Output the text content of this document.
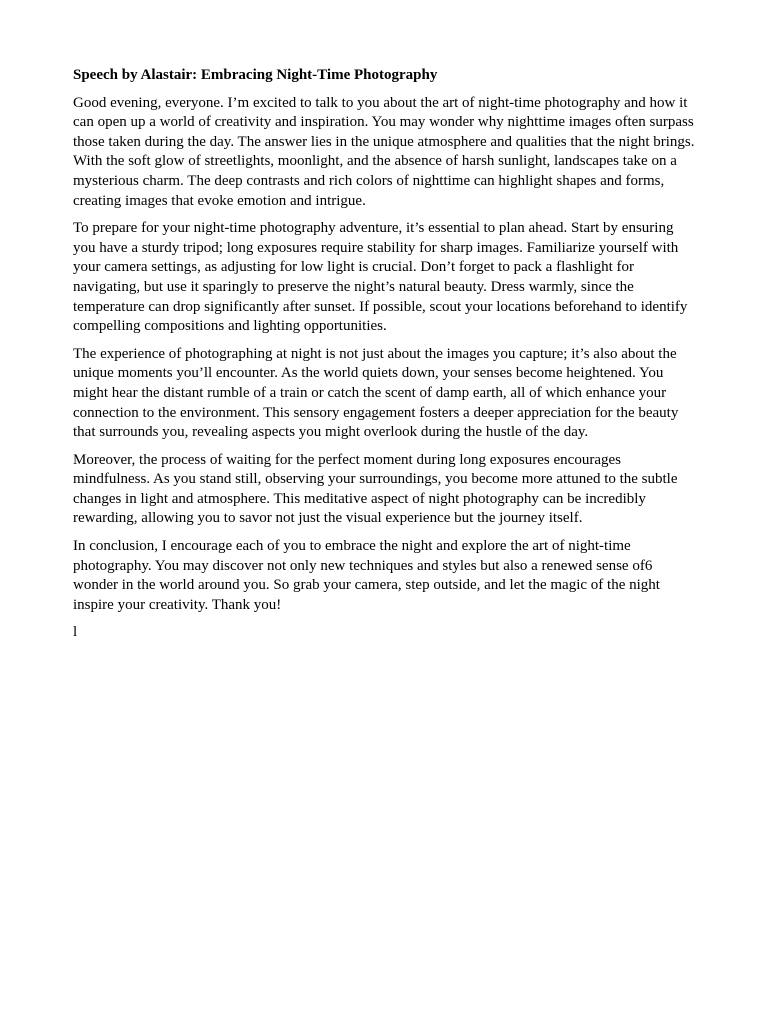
Speech by Alastair: Embracing Night-Time Photography

Good evening, everyone. I’m excited to talk to you about the art of night-time photography and how it can open up a world of creativity and inspiration. You may wonder why nighttime images often surpass those taken during the day. The answer lies in the unique atmosphere and qualities that the night brings. With the soft glow of streetlights, moonlight, and the absence of harsh sunlight, landscapes take on a mysterious charm. The deep contrasts and rich colors of nighttime can highlight shapes and forms, creating images that evoke emotion and intrigue.

To prepare for your night-time photography adventure, it’s essential to plan ahead. Start by ensuring you have a sturdy tripod; long exposures require stability for sharp images. Familiarize yourself with your camera settings, as adjusting for low light is crucial. Don’t forget to pack a flashlight for navigating, but use it sparingly to preserve the night’s natural beauty. Dress warmly, since the temperature can drop significantly after sunset. If possible, scout your locations beforehand to identify compelling compositions and lighting opportunities.

The experience of photographing at night is not just about the images you capture; it’s also about the unique moments you’ll encounter. As the world quiets down, your senses become heightened. You might hear the distant rumble of a train or catch the scent of damp earth, all of which enhance your connection to the environment. This sensory engagement fosters a deeper appreciation for the beauty that surrounds you, revealing aspects you might overlook during the hustle of the day.

Moreover, the process of waiting for the perfect moment during long exposures encourages mindfulness. As you stand still, observing your surroundings, you become more attuned to the subtle changes in light and atmosphere. This meditative aspect of night photography can be incredibly rewarding, allowing you to savor not just the visual experience but the journey itself.

In conclusion, I encourage each of you to embrace the night and explore the art of night-time photography. You may discover not only new techniques and styles but also a renewed sense of6 wonder in the world around you. So grab your camera, step outside, and let the magic of the night inspire your creativity. Thank you!

l
